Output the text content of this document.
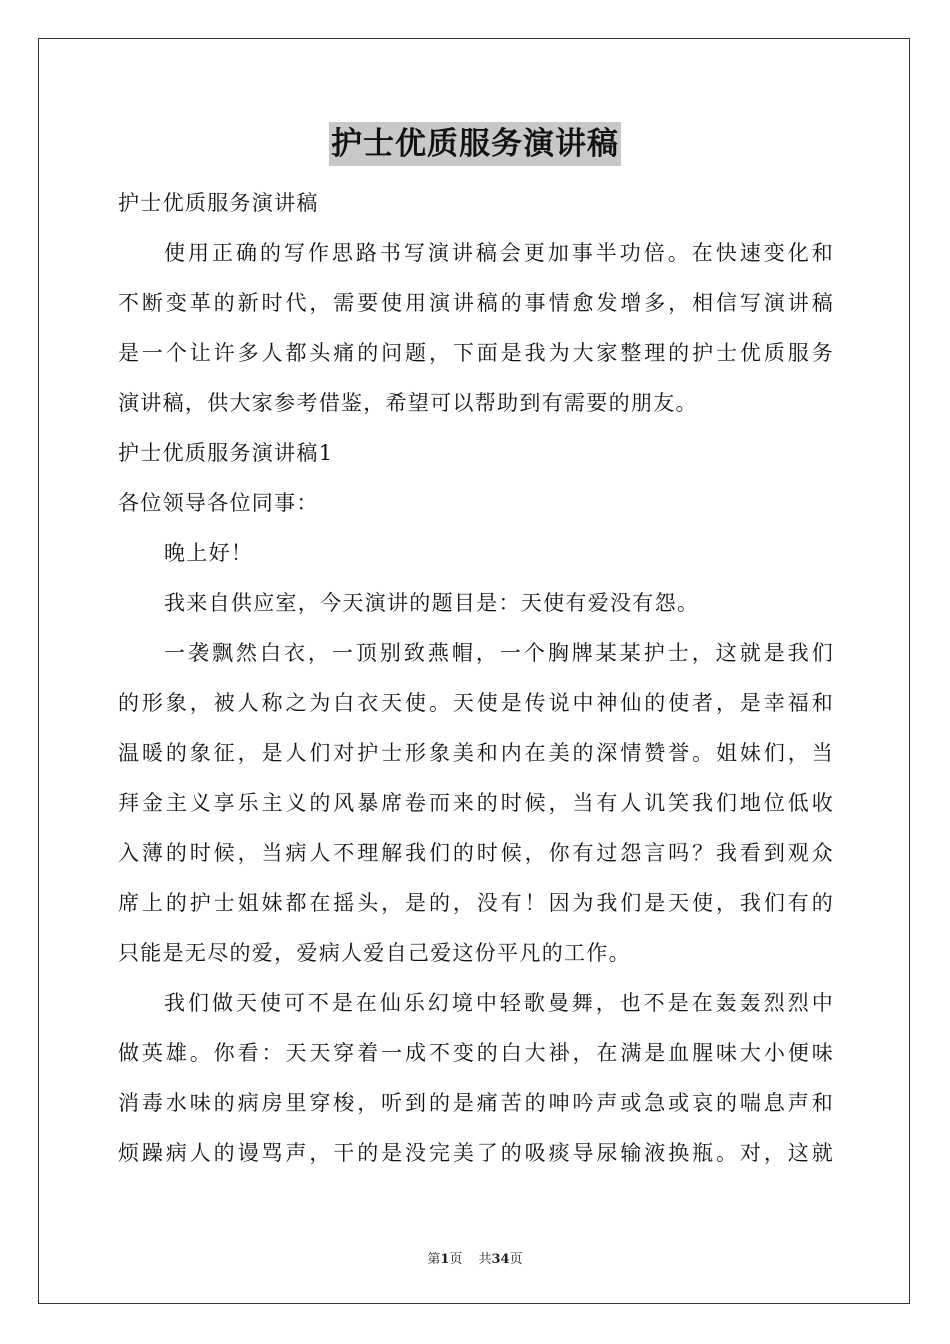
护士优质服务演讲稿
护士优质服务演讲稿
使用正确的写作思路书写演讲稿会更加事半功倍。在快速变化和
不断变革的新时代，需要使用演讲稿的事情愈发增多，相信写演讲稿
是一个让许多人都头痛的问题，下面是我为大家整理的护士优质服务
演讲稿，供大家参考借鉴，希望可以帮助到有需要的朋友。
护士优质服务演讲稿1
各位领导各位同事：
晚上好！
我来自供应室，今天演讲的题目是：天使有爱没有怨。
一袭飘然白衣，一顶别致燕帽，一个胸牌某某护士，这就是我们
的形象，被人称之为白衣天使。天使是传说中神仙的使者，是幸福和
温暖的象征，是人们对护士形象美和内在美的深情赞誉。姐妹们，当
拜金主义享乐主义的风暴席卷而来的时候，当有人讥笑我们地位低收
入薄的时候，当病人不理解我们的时候，你有过怨言吗？我看到观众
席上的护士姐妹都在摇头，是的，没有！因为我们是天使，我们有的
只能是无尽的爱，爱病人爱自己爱这份平凡的工作。
我们做天使可不是在仙乐幻境中轻歌曼舞，也不是在轰轰烈烈中
做英雄。你看：天天穿着一成不变的白大褂，在满是血腥味大小便味
消毒水味的病房里穿梭，听到的是痛苦的呻吟声或急或哀的喘息声和
烦躁病人的谩骂声，干的是没完美了的吸痰导尿输液换瓶。对，这就
第1页 共34页
